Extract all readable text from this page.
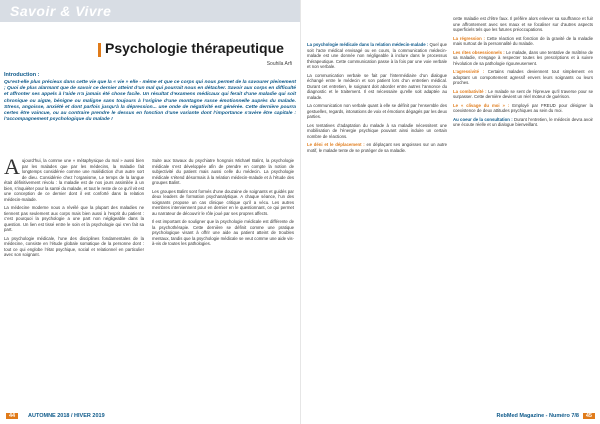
Savoir & Vivre
Psychologie thérapeutique
Souhila Arfi
Introduction :
Qu’est-elle plus précieux dans cette vie que la « vie » elle - même et que ce corps qui nous permet de la savourer pleinement ; Quoi de plus alarmant que de savoir ce dernier atteint d’un mal qui pourrait nous en détacher. Savoir aux corps en difficulté et affronter ses appels à l’aide n’a jamais été chose facile. Un résultat d’examens médicaux qui ferait d’une maladie qui soit chronique ou aigüe, bénigne ou maligne sans toujours à l’origine d’une montagne russe émotionnelle auprès du malade. Stress, angoisse, anxiété et dont parfois jusqu’à la dépression... une onde de négativité est générée. Cette dernière pourra certes être vaincue, ou au contraire prendre le dessus en fonction d’une variante dont l’importance s’avère être capitale : l’accompagnement psychologique du malade !

Aujourd’hui, la comme une « métaphysique du mal » aussi bien par les malades que par les médecins, la maladie fait longtemps considérée comme une malédiction d’un autre sort de dieu. Considérée chez l’organisme, Le temps de la langue était définitivement révolu : la maladie est de nos jours assimilée à un bien, s’inquiéter pour la santé du malade, et tout le reste de ce qu’il vit est une conception de ce dernier dont il est conforté dans la relation médecin-malade.

La médecine moderne nous a révélé que la plupart des maladies ne tiennent pas seulement aux corps mais bien aussi à l’esprit du patient : c’est pourquoi la psychologie a une part non négligeable dans la question. Un lien est tissé entre le soin et la psychologie qui s’en fait sa part.

La psychologie médicale, l’une des disciplines fondamentales de la médecine, consiste en l’étude globale somatique de la personne dont : tout ce qui englobe l’état psychique, social et relationnel en particulier avec son soignant.

Suite aux travaux du psychiatre hongrois Michaël Balint, la psychologie médicale s’est développée afin de prendre en compte la notion de subjectivité du patient mais aussi celle du médecin. La psychologie médicale s’étend désormais à la relation médecin-malade et à l’étude des groupes Balint.

Les groupes Balint sont formés d’une douzaine de soignants et guidés par deux leaders de formation psychanalytique. A chaque séance, l’un des soignants propose un cas clinique critique qu’il a vécu. Les autres membres interviennent pour en dernier en le questionnant, ce qui permet au narrateur de découvrir le rôle joué par ses propres affects.

Il est important de souligner que la psychologie médicale est différente de la psychothérapie. Cette dernière se définit comme une pratique psychologique visant à offrir une aide au patient atteint de troubles mentaux, tandis que la psychologie médicale se veut comme une aide vis-à-vis de toutes les pathologies.

44	AUTOMNE 2018 / HIVER 2019

La psychologie médicale dans la relation médecin-malade : Quel que soit l’acte médical envisagé ou en cours, la communication médecin-malade est une donnée non négligeable à inclure dans le processus thérapeutique. Cette communication passe à la fois par une voie verbale et non verbale.

La communication verbale se fait par l’intermédiaire d’un dialogue échangé entre le médecin et son patient lors d’un entretien médical. Durant cet entretien, le soignant doit aborder entre autres l’annonce du diagnostic et le traitement. Il est nécessaire qu’elle soit adaptée au malade.

La communication non verbale quant à elle se définit par l’ensemble des gestuelles, regards, intonations de voix et émotions dégagés par les deux parties.

Les tentatives d’adaptation du malade à sa maladie nécessitent une mobilisation de l’énergie psychique pouvant ainsi induire un certain nombre de réactions.

Le déni et le déplacement : en déplaçant ses angoisses sur un autre motif, le malade tente de se protéger de sa maladie.

cette maladie est d’être faux. Il préfère alors enlever sa souffrance et fuir une affrontement avec ses maux et se focaliser sur d’autres aspects superficiels tels que les futures préoccupations.

La régression : Cette réaction est fonction de la gravité de la maladie mais surtout de la personnalité du malade.

Les rites obsessionnels : Le malade, dans une tentative de maîtrise de sa maladie, s’engage à respecter toutes les prescriptions et à suivre l’évolution de sa pathologie rigoureusement.

L’agressivité : Certains malades deviennent tout simplement en adoptant un comportement agressif envers leurs soignants ou leurs proches.

La combativité : Le malade se sent de l’épreuve qu’il traverse pour se surpasser. Cette dernière devient un réel moteur de guérison.

Le « clivage du moi » : Employé par FREUD pour désigner la coexistence de deux attitudes psychiques au sein du moi.

Au coeur de la consultation : Durant l’entretien, le médecin devra avoir une écoute réelle et un dialogue bienveillant.

RebMed Magazine - Numéro 7/8	45
